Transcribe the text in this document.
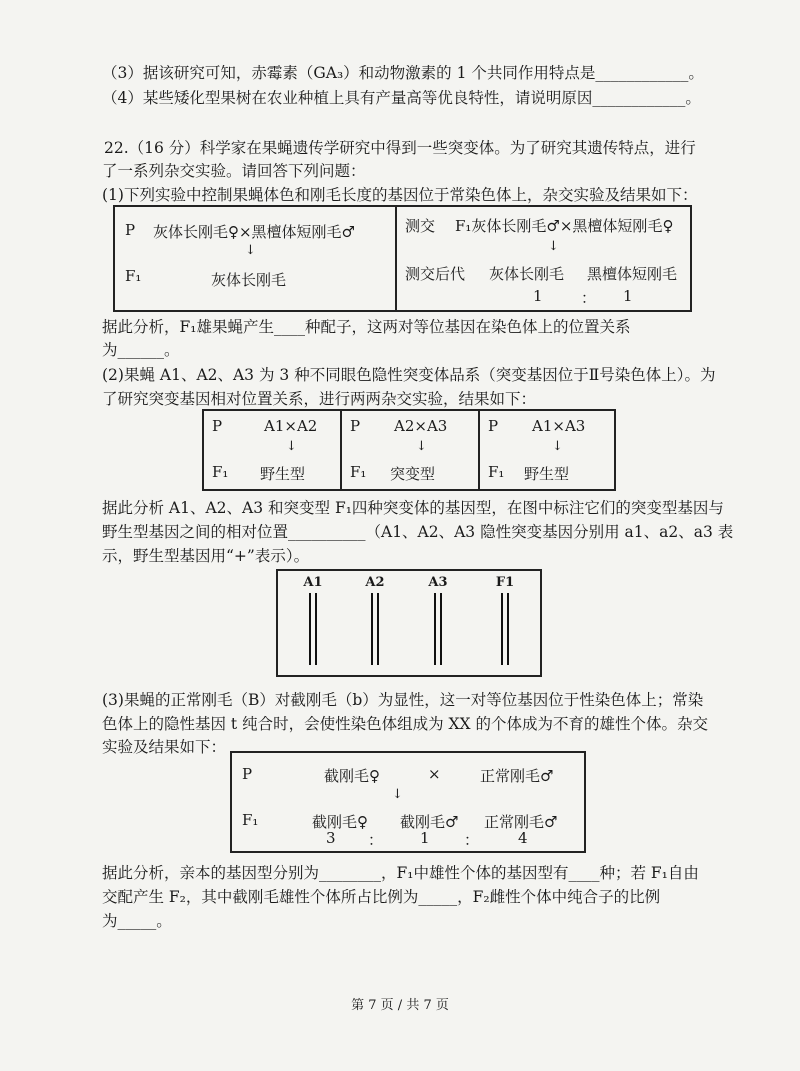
（3）据该研究可知，赤霉素（GA₃）和动物激素的 1 个共同作用特点是____________。
（4）某些矮化型果树在农业种植上具有产量高等优良特性，请说明原因____________。
22.（16 分）科学家在果蝇遗传学研究中得到一些突变体。为了研究其遗传特点，进行
了一系列杂交实验。请回答下列问题：
(1)下列实验中控制果蝇体色和刚毛长度的基因位于常染色体上，杂交实验及结果如下：
P 灰体长刚毛♀×黑檀体短刚毛♂
↓
F₁	灰体长刚毛
测交 F₁灰体长刚毛♂×黑檀体短刚毛♀
↓
测交后代 灰体长刚毛 黑檀体短刚毛
1	： 1
据此分析，F₁雄果蝇产生____种配子，这两对等位基因在染色体上的位置关系
为______。
(2)果蝇 A1、A2、A3 为 3 种不同眼色隐性突变体品系（突变基因位于Ⅱ号染色体上）。为
了研究突变基因相对位置关系，进行两两杂交实验，结果如下：
P	A1×A2
↓
F₁ 野生型
P A2×A3
↓
F₁ 突变型
P A1×A3
↓
F₁ 野生型
据此分析 A1、A2、A3 和突变型 F₁四种突变体的基因型，在图中标注它们的突变型基因与
野生型基因之间的相对位置__________（A1、A2、A3 隐性突变基因分别用 a1、a2、a3 表
示，野生型基因用“+”表示）。
A1	A2	A3	F1
(3)果蝇的正常刚毛（B）对截刚毛（b）为显性，这一对等位基因位于性染色体上；常染
色体上的隐性基因 t 纯合时，会使性染色体组成为 XX 的个体成为不育的雄性个体。杂交
实验及结果如下：
P	截刚毛♀	×	正常刚毛♂
↓
F₁	截刚毛♀ 截刚毛♂ 正常刚毛♂
3 ： 1 ：	4
据此分析，亲本的基因型分别为________，F₁中雄性个体的基因型有____种；若 F₁自由
交配产生 F₂，其中截刚毛雄性个体所占比例为_____，F₂雌性个体中纯合子的比例
为_____。
第 7 页 / 共 7 页
